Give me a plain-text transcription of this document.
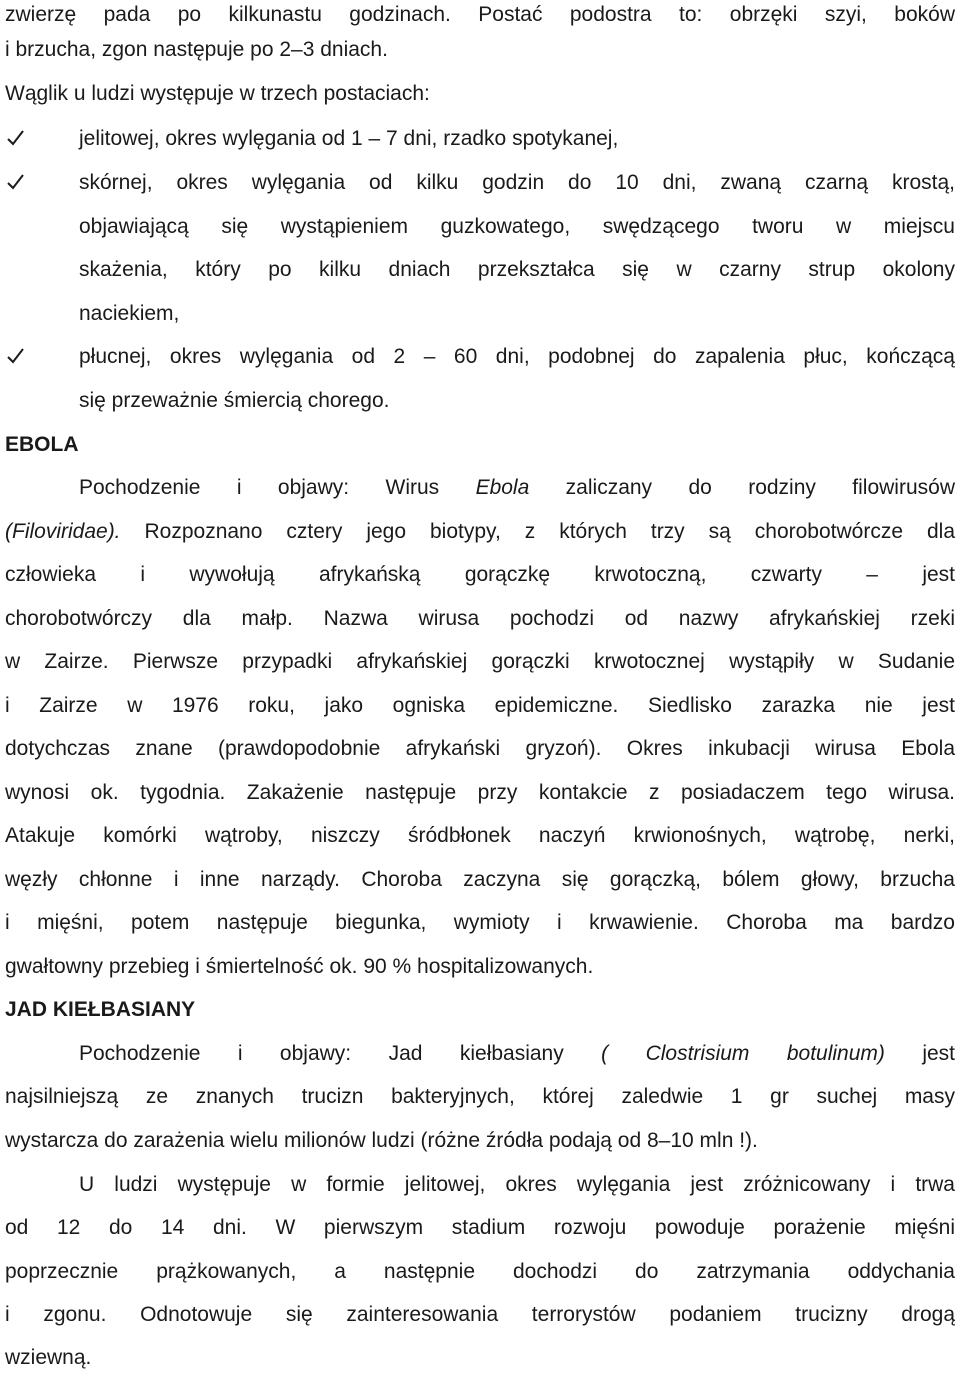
zwierzę pada po kilkunastu godzinach. Postać podostra to: obrzęki szyi, boków
i brzucha, zgon następuje po 2–3 dniach.
Wąglik u ludzi występuje w trzech postaciach:
jelitowej, okres wylęgania od 1 – 7 dni, rzadko spotykanej,
skórnej, okres wylęgania od kilku godzin do 10 dni, zwaną czarną krostą,
objawiającą się wystąpieniem guzkowatego, swędzącego tworu w miejscu
skażenia, który po kilku dniach przekształca się w czarny strup okolony
naciekiem,
płucnej, okres wylęgania od 2 – 60 dni, podobnej do zapalenia płuc, kończącą
się przeważnie śmiercią chorego.
EBOLA
Pochodzenie i objawy: Wirus Ebola zaliczany do rodziny filowirusów
(Filoviridae). Rozpoznano cztery jego biotypy, z których trzy są chorobotwórcze dla
człowieka i wywołują afrykańską gorączkę krwotoczną, czwarty – jest
chorobotwórczy dla małp. Nazwa wirusa pochodzi od nazwy afrykańskiej rzeki
w Zairze. Pierwsze przypadki afrykańskiej gorączki krwotocznej wystąpiły w Sudanie
i Zairze w 1976 roku, jako ogniska epidemiczne. Siedlisko zarazka nie jest
dotychczas znane (prawdopodobnie afrykański gryzoń). Okres inkubacji wirusa Ebola
wynosi ok. tygodnia. Zakażenie następuje przy kontakcie z posiadaczem tego wirusa.
Atakuje komórki wątroby, niszczy śródbłonek naczyń krwionośnych, wątrobę, nerki,
węzły chłonne i inne narządy. Choroba zaczyna się gorączką, bólem głowy, brzucha
i mięśni, potem następuje biegunka, wymioty i krwawienie. Choroba ma bardzo
gwałtowny przebieg i śmiertelność ok. 90 % hospitalizowanych.
JAD KIEŁBASIANY
Pochodzenie i objawy: Jad kiełbasiany ( Clostrisium botulinum) jest
najsilniejszą ze znanych trucizn bakteryjnych, której zaledwie 1 gr suchej masy
wystarcza do zarażenia wielu milionów ludzi (różne źródła podają od 8–10 mln !).
U ludzi występuje w formie jelitowej, okres wylęgania jest zróżnicowany i trwa
od 12 do 14 dni. W pierwszym stadium rozwoju powoduje porażenie mięśni
poprzecznie prążkowanych, a następnie dochodzi do zatrzymania oddychania
i zgonu. Odnotowuje się zainteresowania terrorystów podaniem trucizny drogą
wziewną.
